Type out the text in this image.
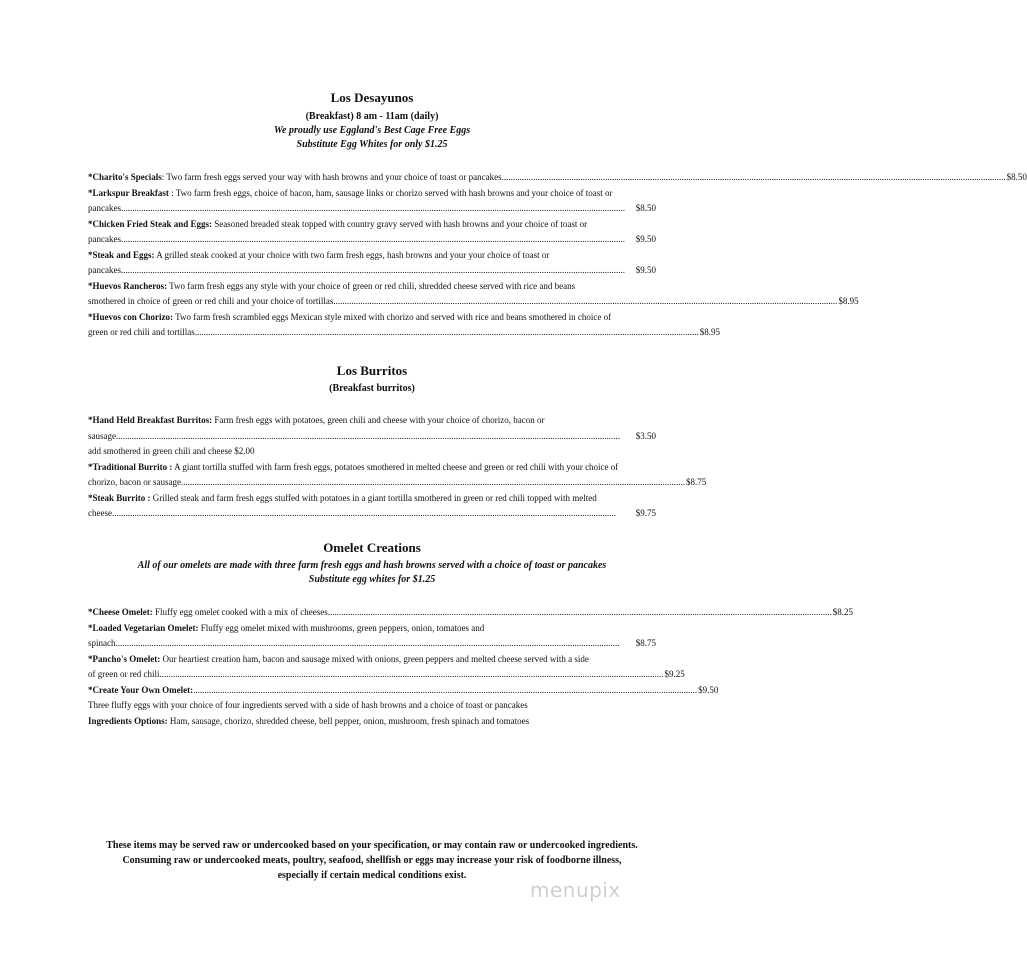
Los Desayunos

(Breakfast) 8 am - 11am (daily)

We proudly use Eggland's Best Cage Free Eggs

Substitute Egg Whites for only $1.25

*Charito's Specials: Two farm fresh eggs served your way with hash browns and your choice of toast or pancakes .....	$8.50
*Larkspur Breakfast : Two farm fresh eggs, choice of bacon, ham, sausage links or chorizo served with hash browns and your choice of toast or
pancakes .....	$8.50
*Chicken Fried Steak and Eggs: Seasoned breaded steak topped with country gravy served with hash browns and your choice of toast or
pancakes .....	$9.50
*Steak and Eggs: A grilled steak cooked at your choice with two farm fresh eggs, hash browns and your your choice of toast or
pancakes .....	$9.50
*Huevos Rancheros: Two farm fresh eggs any style with your choice of green or red chili, shredded cheese served with rice and beans
smothered in choice of green or red chili and your choice of tortillas .....	$8.95
*Huevos con Chorizo: Two farm fresh scrambled eggs Mexican style mixed with chorizo and served with rice and beans smothered in choice of
green or red chili and tortillas .....	$8.95

Los Burritos

(Breakfast burritos)

*Hand Held Breakfast Burritos: Farm fresh eggs with potatoes, green chili and cheese with your choice of chorizo, bacon or
sausage .....	$3.50
add smothered in green chili and cheese $2.00
*Traditional Burrito : A giant tortilla stuffed with farm fresh eggs, potatoes smothered in melted cheese and green or red chili with your choice of
chorizo, bacon or sausage .....	$8.75
*Steak Burrito : Grilled steak and farm fresh eggs stuffed with potatoes in a giant tortilla smothered in green or red chili topped with melted
cheese .....	$9.75

Omelet Creations

All of our omelets are made with three farm fresh eggs and hash browns served with a choice of toast or pancakes

Substitute egg whites for $1.25

*Cheese Omelet: Fluffy egg omelet cooked with a mix of cheeses .....	$8.25
*Loaded Vegetarian Omelet: Fluffy egg omelet mixed with mushrooms, green peppers, onion, tomatoes and
spinach .....	$8.75
*Pancho's Omelet: Our heartiest creation ham, bacon and sausage mixed with onions, green peppers and melted cheese served with a side
of green or red chili .....	$9.25
*Create Your Own Omelet: .....	$9.50
Three fluffy eggs with your choice of four ingredients served with a side of hash browns and a choice of toast or pancakes
Ingredients Options: Ham, sausage, chorizo, shredded cheese, bell pepper, onion, mushroom, fresh spinach and tomatoes
These items may be served raw or undercooked based on your specification, or may contain raw or undercooked ingredients.
Consuming raw or undercooked meats, poultry, seafood, shellfish or eggs may increase your risk of foodborne illness,
especially if certain medical conditions exist.
menupix
